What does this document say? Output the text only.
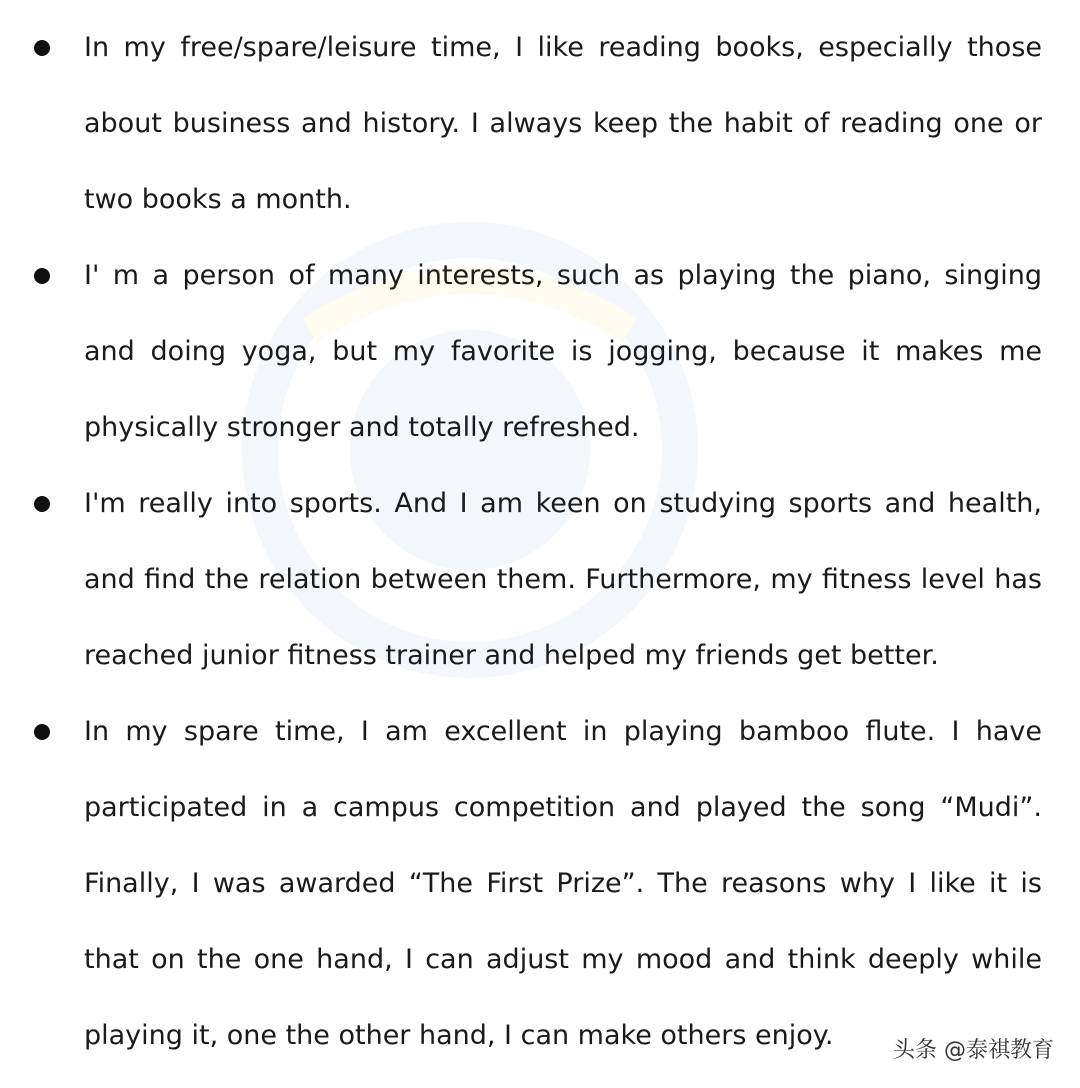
In my free/spare/leisure time, I like reading books, especially those about business and history. I always keep the habit of reading one or two books a month.

I' m a person of many interests, such as playing the piano, singing and doing yoga, but my favorite is jogging, because it makes me physically stronger and totally refreshed.

I'm really into sports. And I am keen on studying sports and health, and find the relation between them. Furthermore, my fitness level has reached junior fitness trainer and helped my friends get better.

In my spare time, I am excellent in playing bamboo flute. I have participated in a campus competition and played the song “Mudi”. Finally, I was awarded “The First Prize”. The reasons why I like it is that on the one hand, I can adjust my mood and think deeply while playing it, one the other hand, I can make others enjoy.	头条 @泰祺教育
